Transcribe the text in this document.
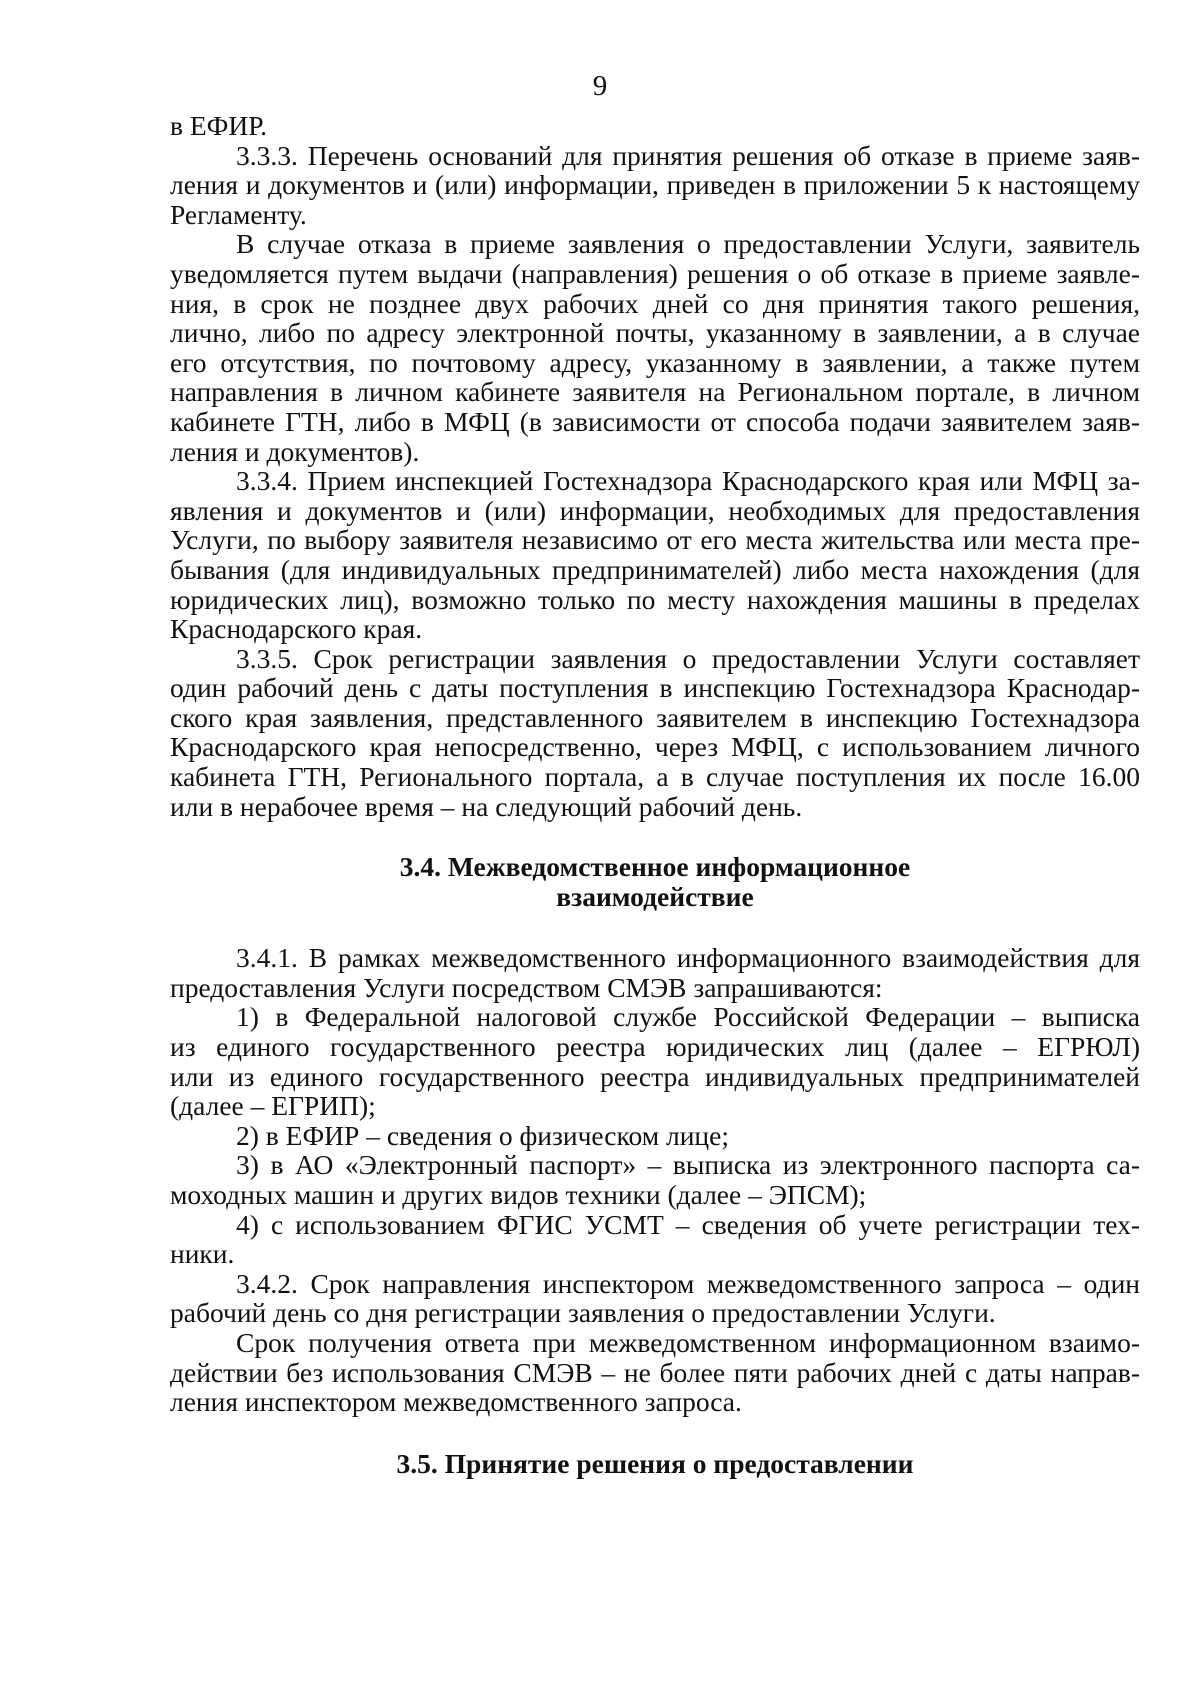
9
в ЕФИР.
3.3.3. Перечень оснований для принятия решения об отказе в приеме заяв-
ления и документов и (или) информации, приведен в приложении 5 к настоящему
Регламенту.
В случае отказа в приеме заявления о предоставлении Услуги, заявитель
уведомляется путем выдачи (направления) решения о об отказе в приеме заявле-
ния, в срок не позднее двух рабочих дней со дня принятия такого решения,
лично, либо по адресу электронной почты, указанному в заявлении, а в случае
его отсутствия, по почтовому адресу, указанному в заявлении, а также путем
направления в личном кабинете заявителя на Региональном портале, в личном
кабинете ГТН, либо в МФЦ (в зависимости от способа подачи заявителем заяв-
ления и документов).
3.3.4. Прием инспекцией Гостехнадзора Краснодарского края или МФЦ за-
явления и документов и (или) информации, необходимых для предоставления
Услуги, по выбору заявителя независимо от его места жительства или места пре-
бывания (для индивидуальных предпринимателей) либо места нахождения (для
юридических лиц), возможно только по месту нахождения машины в пределах
Краснодарского края.
3.3.5. Срок регистрации заявления о предоставлении Услуги составляет
один рабочий день с даты поступления в инспекцию Гостехнадзора Краснодар-
ского края заявления, представленного заявителем в инспекцию Гостехнадзора
Краснодарского края непосредственно, через МФЦ, с использованием личного
кабинета ГТН, Регионального портала, а в случае поступления их после 16.00
или в нерабочее время – на следующий рабочий день.
3.4. Межведомственное информационное
взаимодействие
3.4.1. В рамках межведомственного информационного взаимодействия для
предоставления Услуги посредством СМЭВ запрашиваются:
1) в Федеральной налоговой службе Российской Федерации – выписка
из единого государственного реестра юридических лиц (далее – ЕГРЮЛ)
или из единого государственного реестра индивидуальных предпринимателей
(далее – ЕГРИП);
2) в ЕФИР – сведения о физическом лице;
3) в АО «Электронный паспорт» – выписка из электронного паспорта са-
моходных машин и других видов техники (далее – ЭПСМ);
4) с использованием ФГИС УСМТ – сведения об учете регистрации тех-
ники.
3.4.2. Срок направления инспектором межведомственного запроса – один
рабочий день со дня регистрации заявления о предоставлении Услуги.
Срок получения ответа при межведомственном информационном взаимо-
действии без использования СМЭВ – не более пяти рабочих дней с даты направ-
ления инспектором межведомственного запроса.
3.5. Принятие решения о предоставлении
